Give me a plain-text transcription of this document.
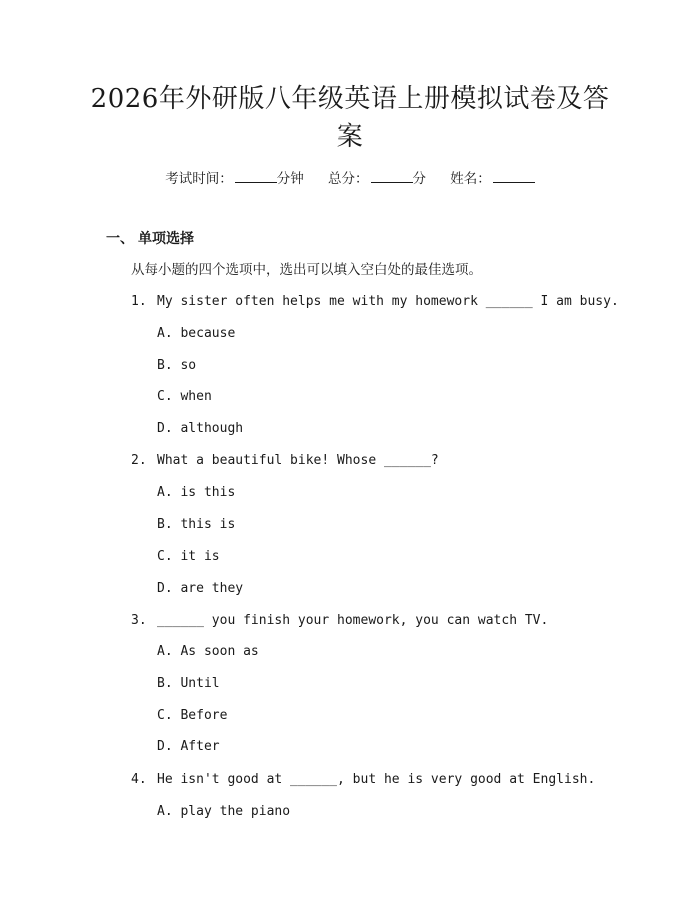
2026年外研版八年级英语上册模拟试卷及答案
考试时间：	分钟 总分：	分 姓名：
一、 单项选择
从每小题的四个选项中，选出可以填入空白处的最佳选项。
1. My sister often helps me with my homework ______ I am busy.
A. because
B. so
C. when
D. although
2. What a beautiful bike! Whose ______?
A. is this
B. this is
C. it is
D. are they
3. ______ you finish your homework, you can watch TV.
A. As soon as
B. Until
C. Before
D. After
4. He isn't good at ______, but he is very good at English.
A. play the piano
